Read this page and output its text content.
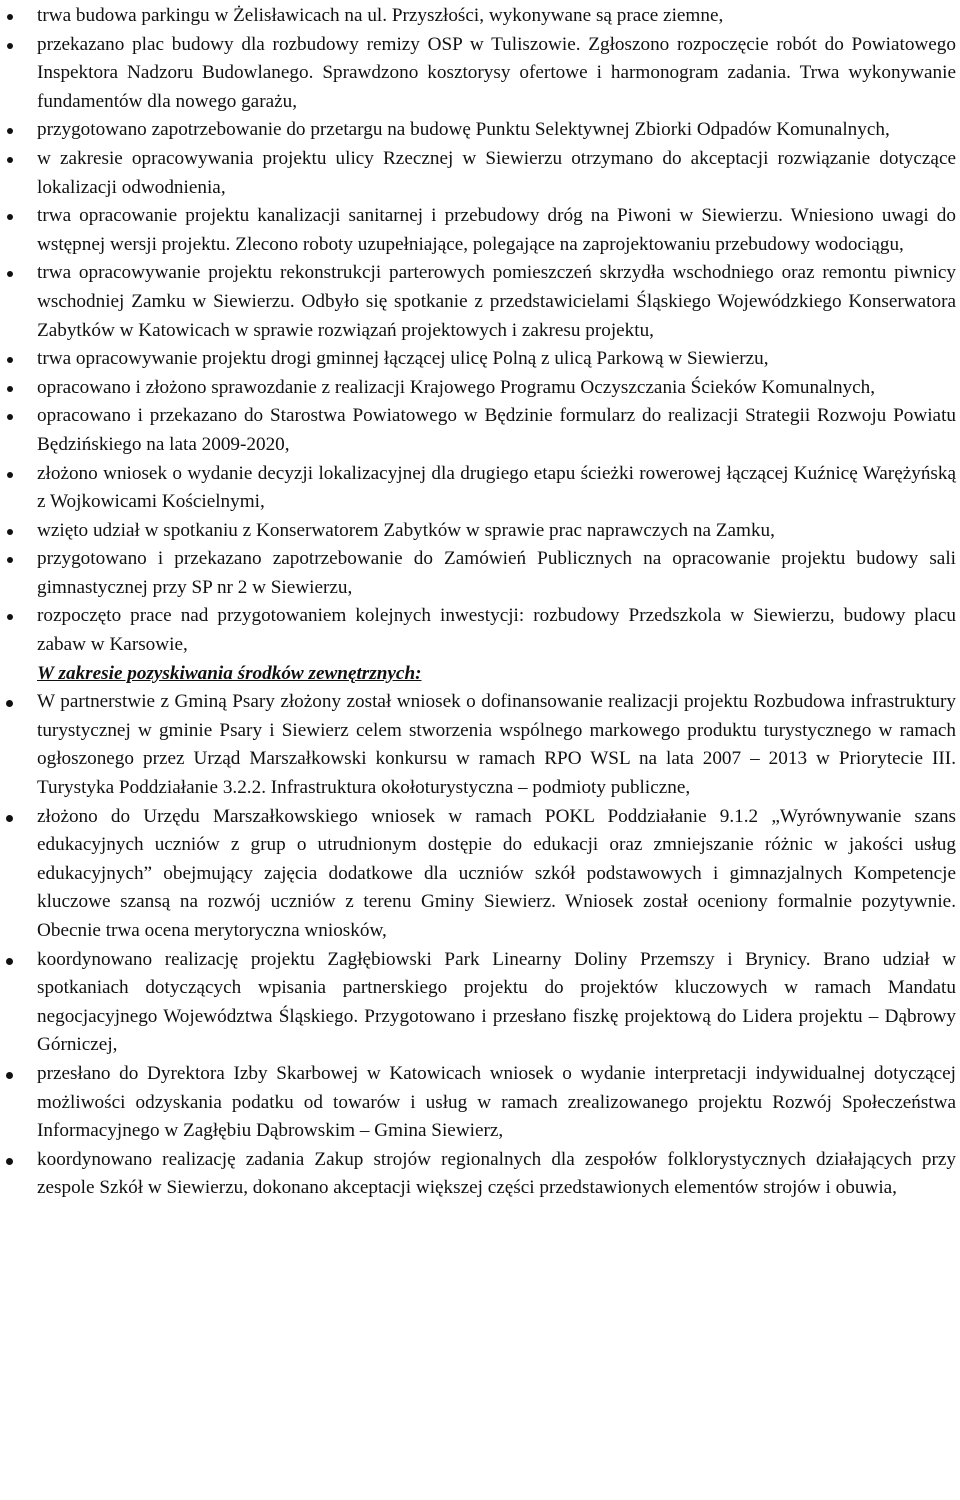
trwa budowa parkingu w Żelisławicach na ul. Przyszłości, wykonywane są prace ziemne,
przekazano plac budowy dla rozbudowy remizy OSP w Tuliszowie. Zgłoszono rozpoczęcie robót do Powiatowego Inspektora Nadzoru Budowlanego. Sprawdzono kosztorysy ofertowe i harmonogram zadania. Trwa wykonywanie fundamentów dla nowego garażu,
przygotowano zapotrzebowanie do przetargu na budowę Punktu Selektywnej Zbiorki Odpadów Komunalnych,
w zakresie opracowywania projektu ulicy Rzecznej w Siewierzu otrzymano do akceptacji rozwiązanie dotyczące lokalizacji odwodnienia,
trwa opracowanie projektu kanalizacji sanitarnej i przebudowy dróg na Piwoni w Siewierzu. Wniesiono uwagi do wstępnej wersji projektu. Zlecono roboty uzupełniające, polegające na zaprojektowaniu przebudowy wodociągu,
trwa opracowywanie projektu rekonstrukcji parterowych pomieszczeń skrzydła wschodniego oraz remontu piwnicy wschodniej Zamku w Siewierzu. Odbyło się spotkanie z przedstawicielami Śląskiego Wojewódzkiego Konserwatora Zabytków w Katowicach w sprawie rozwiązań projektowych i zakresu projektu,
trwa opracowywanie projektu drogi gminnej łączącej ulicę Polną z ulicą Parkową w Siewierzu,
opracowano i złożono sprawozdanie z realizacji Krajowego Programu Oczyszczania Ścieków Komunalnych,
opracowano i przekazano do Starostwa Powiatowego w Będzinie formularz do realizacji Strategii Rozwoju Powiatu Będzińskiego na lata 2009-2020,
złożono wniosek o wydanie decyzji lokalizacyjnej dla drugiego etapu ścieżki rowerowej łączącej Kuźnicę Warężyńską z Wojkowicami Kościelnymi,
wzięto udział w spotkaniu z Konserwatorem Zabytków w sprawie prac naprawczych na Zamku,
przygotowano i przekazano zapotrzebowanie do Zamówień Publicznych na opracowanie projektu budowy sali gimnastycznej przy SP nr 2 w Siewierzu,
rozpoczęto prace nad przygotowaniem kolejnych inwestycji: rozbudowy Przedszkola w Siewierzu, budowy placu zabaw w Karsowie,

W zakresie pozyskiwania środków zewnętrznych:

W partnerstwie z Gminą Psary złożony został wniosek o dofinansowanie realizacji projektu Rozbudowa infrastruktury turystycznej w gminie Psary i Siewierz celem stworzenia wspólnego markowego produktu turystycznego w ramach ogłoszonego przez Urząd Marszałkowski konkursu w ramach RPO WSL na lata 2007 – 2013 w Priorytecie III. Turystyka Poddziałanie 3.2.2. Infrastruktura okołoturystyczna – podmioty publiczne,
złożono do Urzędu Marszałkowskiego wniosek w ramach POKL Poddziałanie 9.1.2 „Wyrównywanie szans edukacyjnych uczniów z grup o utrudnionym dostępie do edukacji oraz zmniejszanie różnic w jakości usług edukacyjnych” obejmujący zajęcia dodatkowe dla uczniów szkół podstawowych i gimnazjalnych Kompetencje kluczowe szansą na rozwój uczniów z terenu Gminy Siewierz. Wniosek został oceniony formalnie pozytywnie. Obecnie trwa ocena merytoryczna wniosków,
koordynowano realizację projektu Zagłębiowski Park Linearny Doliny Przemszy i Brynicy. Brano udział w spotkaniach dotyczących wpisania partnerskiego projektu do projektów kluczowych w ramach Mandatu negocjacyjnego Województwa Śląskiego. Przygotowano i przesłano fiszkę projektową do Lidera projektu – Dąbrowy Górniczej,
przesłano do Dyrektora Izby Skarbowej w Katowicach wniosek o wydanie interpretacji indywidualnej dotyczącej możliwości odzyskania podatku od towarów i usług w ramach zrealizowanego projektu Rozwój Społeczeństwa Informacyjnego w Zagłębiu Dąbrowskim – Gmina Siewierz,
koordynowano realizację zadania Zakup strojów regionalnych dla zespołów folklorystycznych działających przy zespole Szkół w Siewierzu, dokonano akceptacji większej części przedstawionych elementów strojów i obuwia,
